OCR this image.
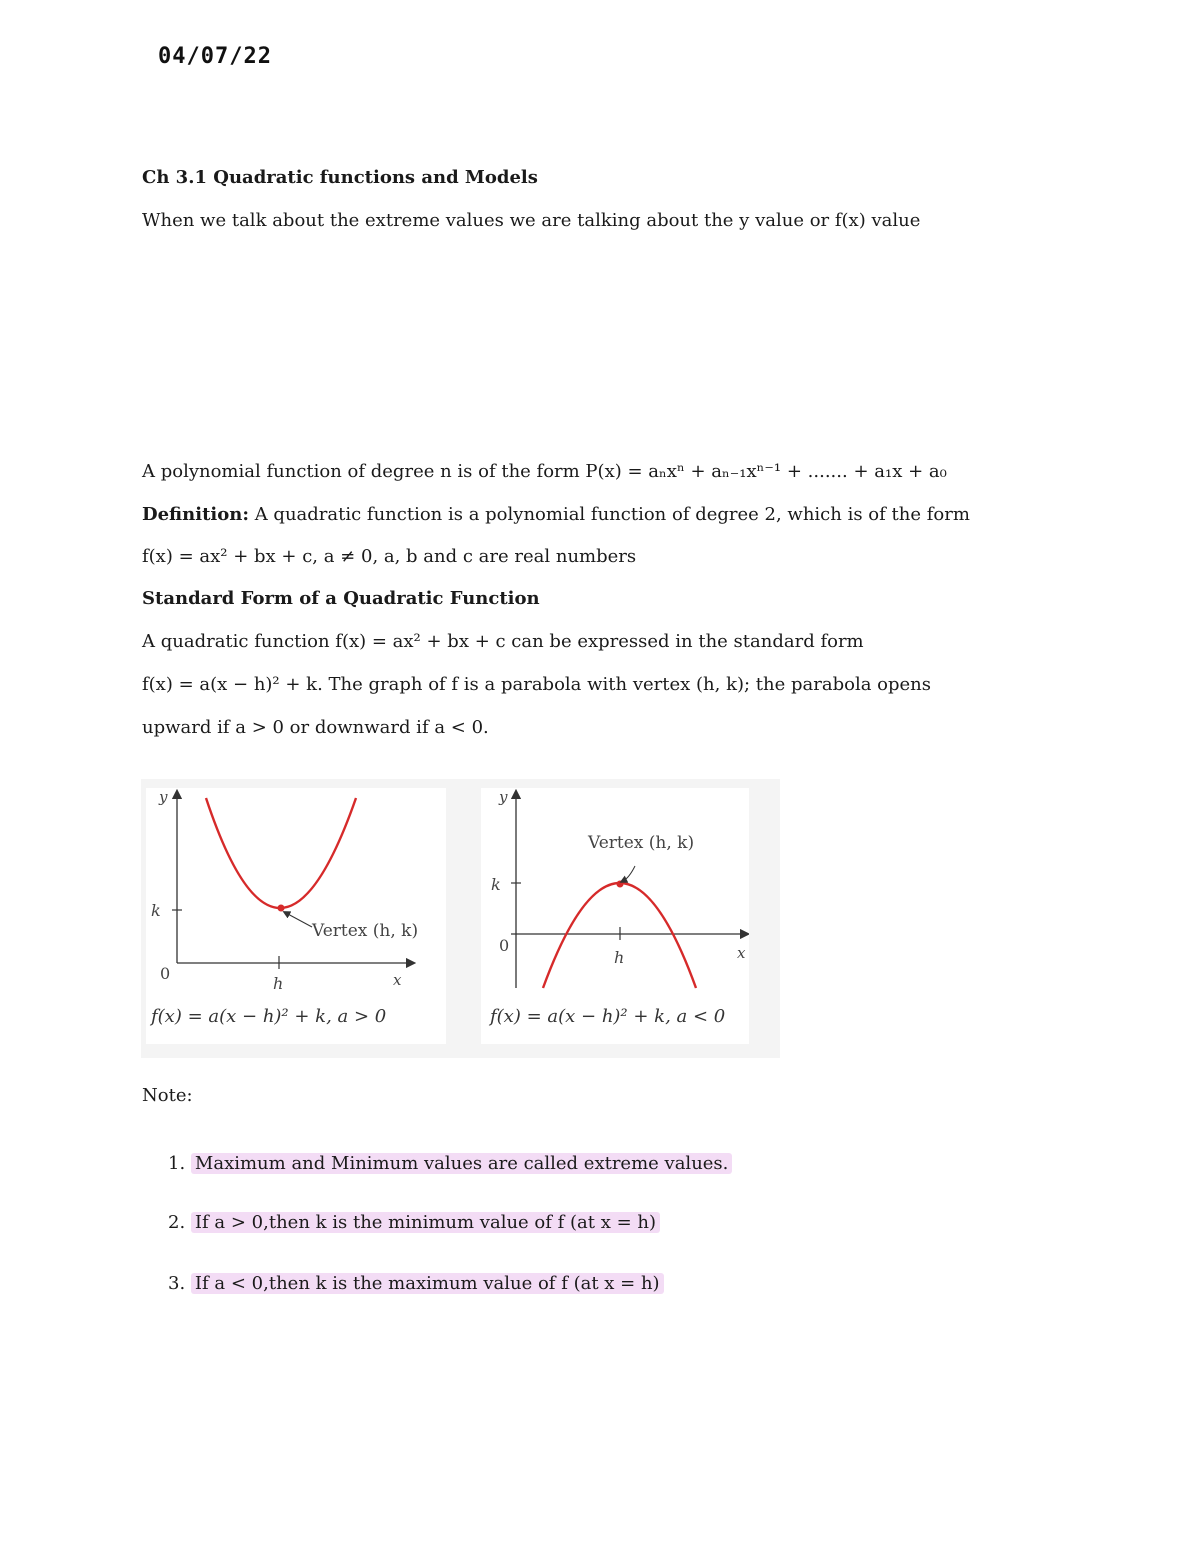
04/07/22
Ch 3.1 Quadratic functions and Models
When we talk about the extreme values we are talking about the y value or f(x) value
A polynomial function of degree n is of the form P(x) = aₙxⁿ + aₙ₋₁xⁿ⁻¹ + ....... + a₁x + a₀
Definition: A quadratic function is a polynomial function of degree 2, which is of the form
f(x) = ax² + bx + c, a ≠ 0, a, b and c are real numbers
Standard Form of a Quadratic Function
A quadratic function f(x) = ax² + bx + c can be expressed in the standard form
f(x) = a(x − h)² + k. The graph of f is a parabola with vertex (h, k); the parabola opens
upward if a > 0 or downward if a < 0.
y
x
k
h
0
Vertex (h, k)
f(x) = a(x − h)² + k, a > 0
Vertex (h, k)
y
x
k
h
0
f(x) = a(x − h)² + k, a < 0
Note:
1. Maximum and Minimum values are called extreme values.
2. If a > 0,then k is the minimum value of f (at x = h)
3. If a < 0,then k is the maximum value of f (at x = h)
